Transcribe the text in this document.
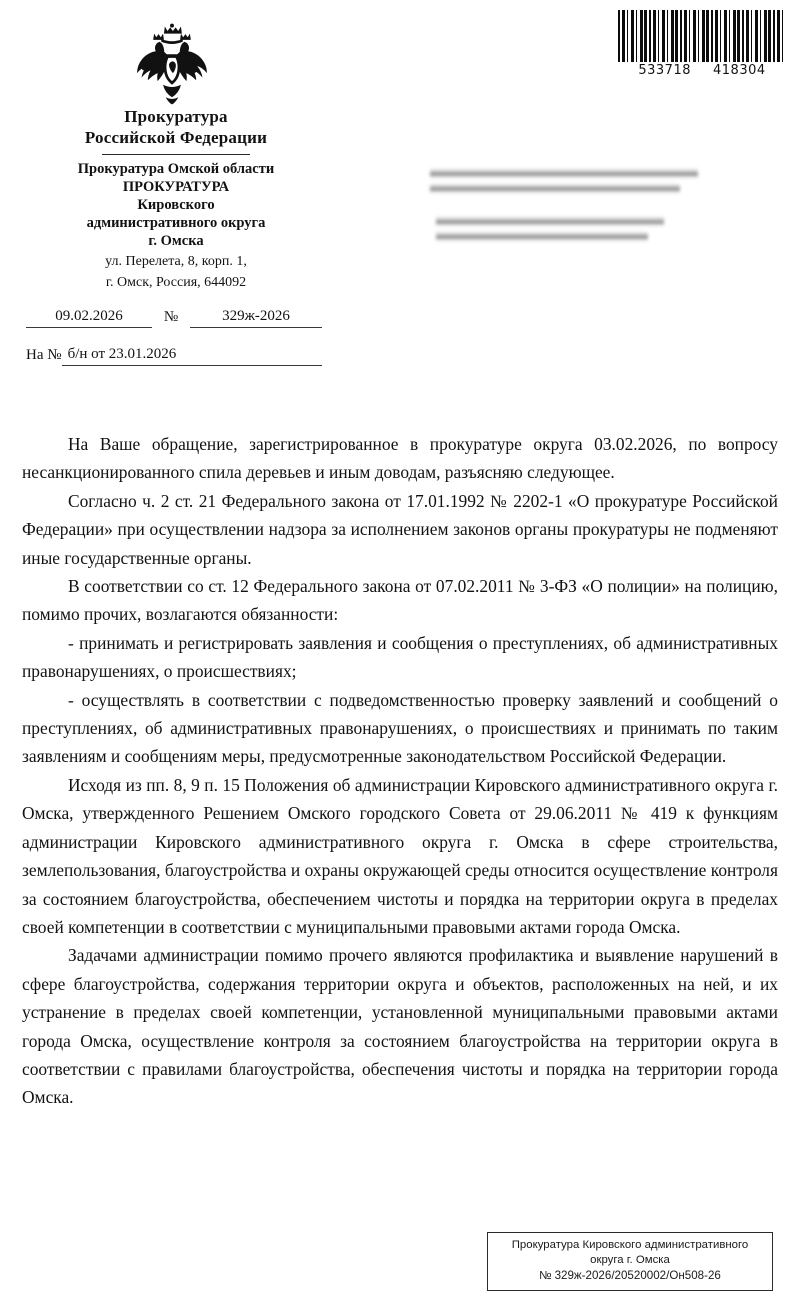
533718 418304
Прокуратура
Российской Федерации
Прокуратура Омской области
ПРОКУРАТУРА
Кировского
административного округа
г. Омска
ул. Перелета, 8, корп. 1,
г. Омск, Россия, 644092
09.02.2026	№	329ж-2026
На № б/н от 23.01.2026

На Ваше обращение, зарегистрированное в прокуратуре округа 03.02.2026, по вопросу несанкционированного спила деревьев и иным доводам, разъясняю следующее.

Согласно ч. 2 ст. 21 Федерального закона от 17.01.1992 № 2202-1 «О прокуратуре Российской Федерации» при осуществлении надзора за исполнением законов органы прокуратуры не подменяют иные государственные органы.

В соответствии со ст. 12 Федерального закона от 07.02.2011 № 3-ФЗ «О полиции» на полицию, помимо прочих, возлагаются обязанности:

- принимать и регистрировать заявления и сообщения о преступлениях, об административных правонарушениях, о происшествиях;

- осуществлять в соответствии с подведомственностью проверку заявлений и сообщений о преступлениях, об административных правонарушениях, о происшествиях и принимать по таким заявлениям и сообщениям меры, предусмотренные законодательством Российской Федерации.

Исходя из пп. 8, 9 п. 15 Положения об администрации Кировского административного округа г. Омска, утвержденного Решением Омского городского Совета от 29.06.2011 № 419 к функциям администрации Кировского административного округа г. Омска в сфере строительства, землепользования, благоустройства и охраны окружающей среды относится осуществление контроля за состоянием благоустройства, обеспечением чистоты и порядка на территории округа в пределах своей компетенции в соответствии с муниципальными правовыми актами города Омска.

Задачами администрации помимо прочего являются профилактика и выявление нарушений в сфере благоустройства, содержания территории округа и объектов, расположенных на ней, и их устранение в пределах своей компетенции, установленной муниципальными правовыми актами города Омска, осуществление контроля за состоянием благоустройства на территории округа в соответствии с правилами благоустройства, обеспечения чистоты и порядка на территории города Омска.

Прокуратура Кировского административного
округа г. Омска
№ 329ж-2026/20520002/Он508-26
